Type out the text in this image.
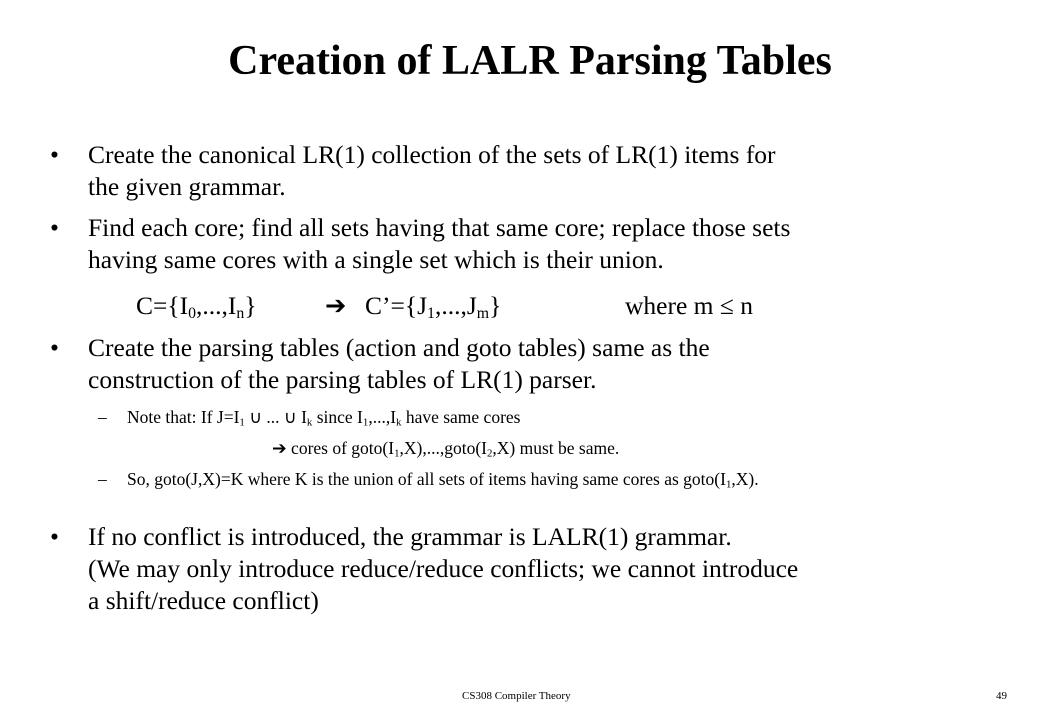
Creation of LALR Parsing Tables
• Create the canonical LR(1) collection of the sets of LR(1) items for
the given grammar.
• Find each core; find all sets having that same core; replace those sets
having same cores with a single set which is their union.
$C=\{I_0,...,I_n\}$	➔ $C’=\{J_1,...,J_m\}$	where m ≤ n
• Create the parsing tables (action and goto tables) same as the
construction of the parsing tables of LR(1) parser.
– Note that: If $J=I_1$ ∪ ... ∪ $I_k$ since $I_1,...,I_k$ have same cores
➔ cores of $goto(I_1,X),...,goto(I_2,X)$ must be same.
– So, goto(J,X)=K where K is the union of all sets of items having same cores as $goto(I_1,X)$.
• If no conflict is introduced, the grammar is LALR(1) grammar.
(We may only introduce reduce/reduce conflicts; we cannot introduce
a shift/reduce conflict)
CS308 Compiler Theory	49
